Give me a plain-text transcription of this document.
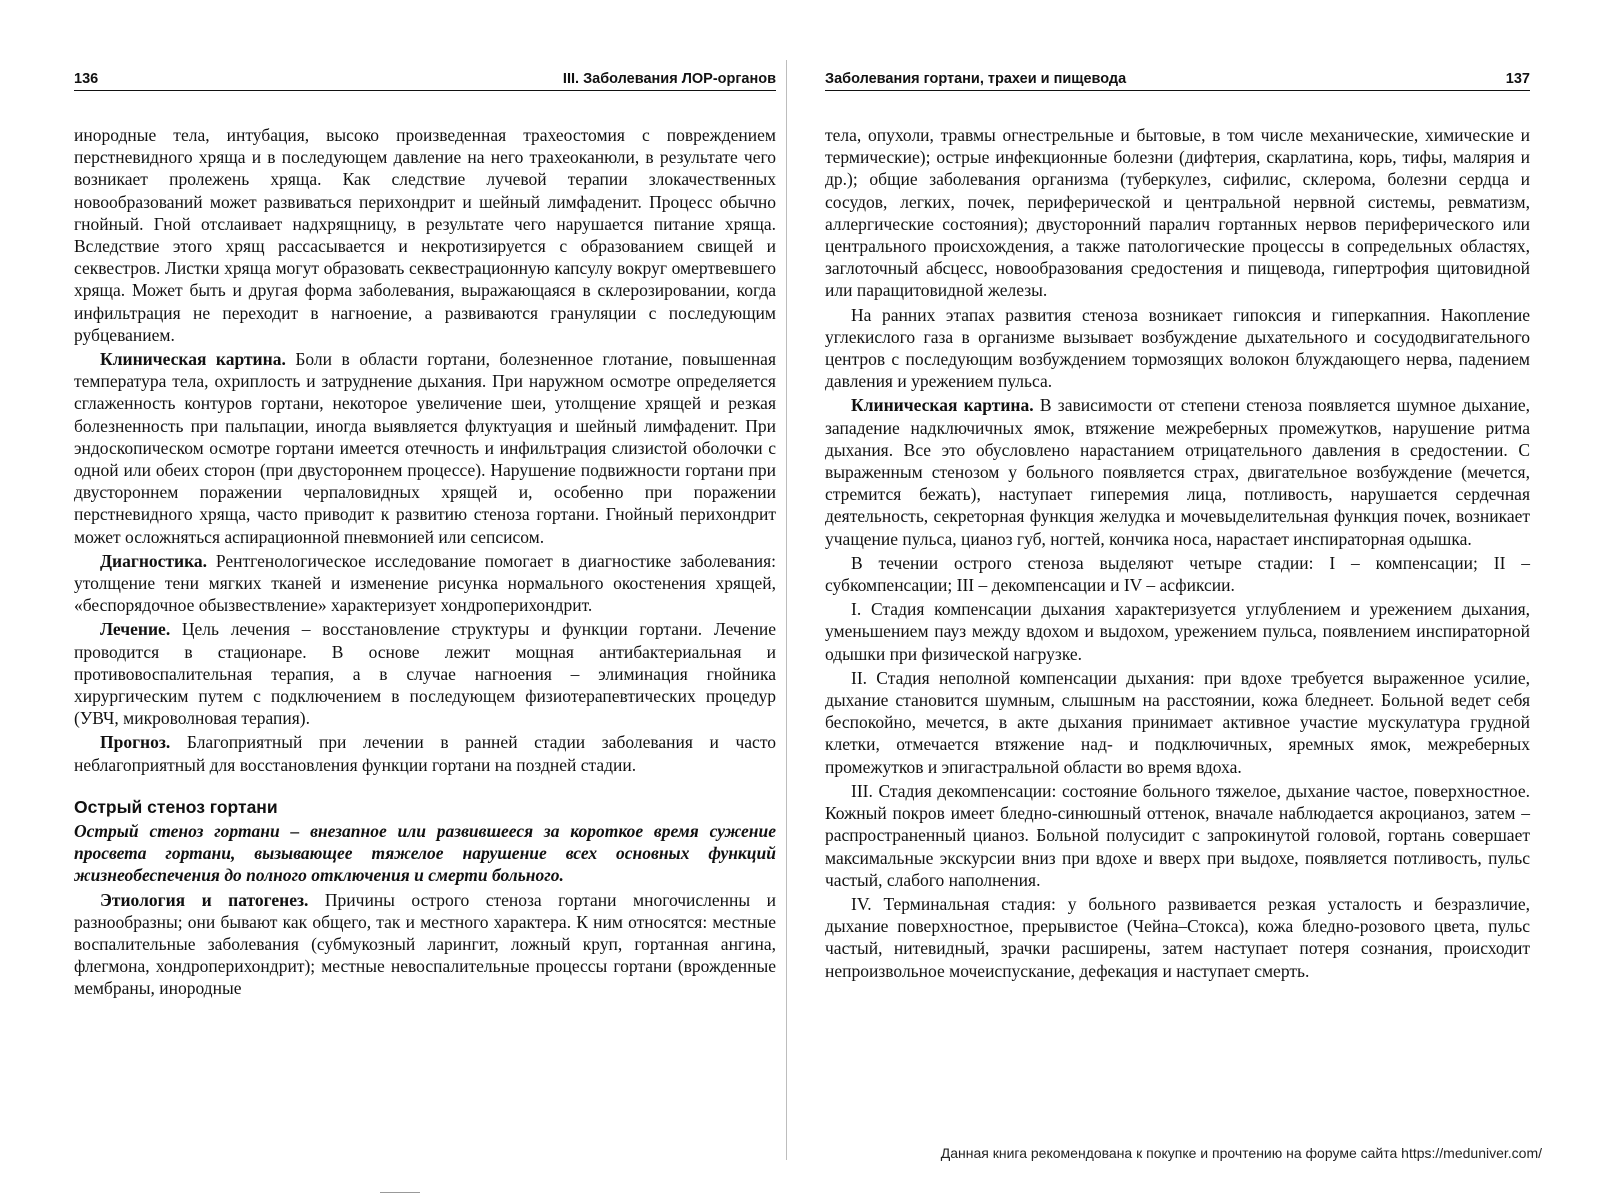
136	III. Заболевания ЛОР-органов

инородные тела, интубация, высоко произведенная трахеостомия с повреждением перстневидного хряща и в последующем давление на него трахеоканюли, в результате чего возникает пролежень хряща. Как следствие лучевой терапии злокачественных новообразований может развиваться перихондрит и шейный лимфаденит. Процесс обычно гнойный. Гной отслаивает надхрящницу, в результате чего нарушается питание хряща. Вследствие этого хрящ рассасывается и некротизируется с образованием свищей и секвестров. Листки хряща могут образовать секвестрационную капсулу вокруг омертвевшего хряща. Может быть и другая форма заболевания, выражающаяся в склерозировании, когда инфильтрация не переходит в нагноение, а развиваются грануляции с последующим рубцеванием.

Клиническая картина. Боли в области гортани, болезненное глотание, повышенная температура тела, охриплость и затруднение дыхания. При наружном осмотре определяется сглаженность контуров гортани, некоторое увеличение шеи, утолщение хрящей и резкая болезненность при пальпации, иногда выявляется флуктуация и шейный лимфаденит. При эндоскопическом осмотре гортани имеется отечность и инфильтрация слизистой оболочки с одной или обеих сторон (при двустороннем процессе). Нарушение подвижности гортани при двустороннем поражении черпаловидных хрящей и, особенно при поражении перстневидного хряща, часто приводит к развитию стеноза гортани. Гнойный перихондрит может осложняться аспирационной пневмонией или сепсисом.

Диагностика. Рентгенологическое исследование помогает в диагностике заболевания: утолщение тени мягких тканей и изменение рисунка нормального окостенения хрящей, «беспорядочное обызвествление» характеризует хондроперихондрит.

Лечение. Цель лечения – восстановление структуры и функции гортани. Лечение проводится в стационаре. В основе лежит мощная антибактериальная и противовоспалительная терапия, а в случае нагноения – элиминация гнойника хирургическим путем с подключением в последующем физиотерапевтических процедур (УВЧ, микроволновая терапия).

Прогноз. Благоприятный при лечении в ранней стадии заболевания и часто неблагоприятный для восстановления функции гортани на поздней стадии.

Острый стеноз гортани

Острый стеноз гортани – внезапное или развившееся за короткое время сужение просвета гортани, вызывающее тяжелое нарушение всех основных функций жизнеобеспечения до полного отключения и смерти больного.

Этиология и патогенез. Причины острого стеноза гортани многочисленны и разнообразны; они бывают как общего, так и местного характера. К ним относятся: местные воспалительные заболевания (субмукозный ларингит, ложный круп, гортанная ангина, флегмона, хондроперихондрит); местные невоспалительные процессы гортани (врожденные мембраны, инородные

Заболевания гортани, трахеи и пищевода	137

тела, опухоли, травмы огнестрельные и бытовые, в том числе механические, химические и термические); острые инфекционные болезни (дифтерия, скарлатина, корь, тифы, малярия и др.); общие заболевания организма (туберкулез, сифилис, склерома, болезни сердца и сосудов, легких, почек, периферической и центральной нервной системы, ревматизм, аллергические состояния); двусторонний паралич гортанных нервов периферического или центрального происхождения, а также патологические процессы в сопредельных областях, заглоточный абсцесс, новообразования средостения и пищевода, гипертрофия щитовидной или паращитовидной железы.

На ранних этапах развития стеноза возникает гипоксия и гиперкапния. Накопление углекислого газа в организме вызывает возбуждение дыхательного и сосудодвигательного центров с последующим возбуждением тормозящих волокон блуждающего нерва, падением давления и урежением пульса.

Клиническая картина. В зависимости от степени стеноза появляется шумное дыхание, западение надключичных ямок, втяжение межреберных промежутков, нарушение ритма дыхания. Все это обусловлено нарастанием отрицательного давления в средостении. С выраженным стенозом у больного появляется страх, двигательное возбуждение (мечется, стремится бежать), наступает гиперемия лица, потливость, нарушается сердечная деятельность, секреторная функция желудка и мочевыделительная функция почек, возникает учащение пульса, цианоз губ, ногтей, кончика носа, нарастает инспираторная одышка.

В течении острого стеноза выделяют четыре стадии: I – компенсации; II – субкомпенсации; III – декомпенсации и IV – асфиксии.

I. Стадия компенсации дыхания характеризуется углублением и урежением дыхания, уменьшением пауз между вдохом и выдохом, урежением пульса, появлением инспираторной одышки при физической нагрузке.

II. Стадия неполной компенсации дыхания: при вдохе требуется выраженное усилие, дыхание становится шумным, слышным на расстоянии, кожа бледнеет. Больной ведет себя беспокойно, мечется, в акте дыхания принимает активное участие мускулатура грудной клетки, отмечается втяжение над- и подключичных, яремных ямок, межреберных промежутков и эпигастральной области во время вдоха.

III. Стадия декомпенсации: состояние больного тяжелое, дыхание частое, поверхностное. Кожный покров имеет бледно-синюшный оттенок, вначале наблюдается акроцианоз, затем – распространенный цианоз. Больной полусидит с запрокинутой головой, гортань совершает максимальные экскурсии вниз при вдохе и вверх при выдохе, появляется потливость, пульс частый, слабого наполнения.

IV. Терминальная стадия: у больного развивается резкая усталость и безразличие, дыхание поверхностное, прерывистое (Чейна–Стокса), кожа бледно-розового цвета, пульс частый, нитевидный, зрачки расширены, затем наступает потеря сознания, происходит непроизвольное мочеиспускание, дефекация и наступает смерть.

Данная книга рекомендована к покупке и прочтению на форуме сайта https://meduniver.com/
